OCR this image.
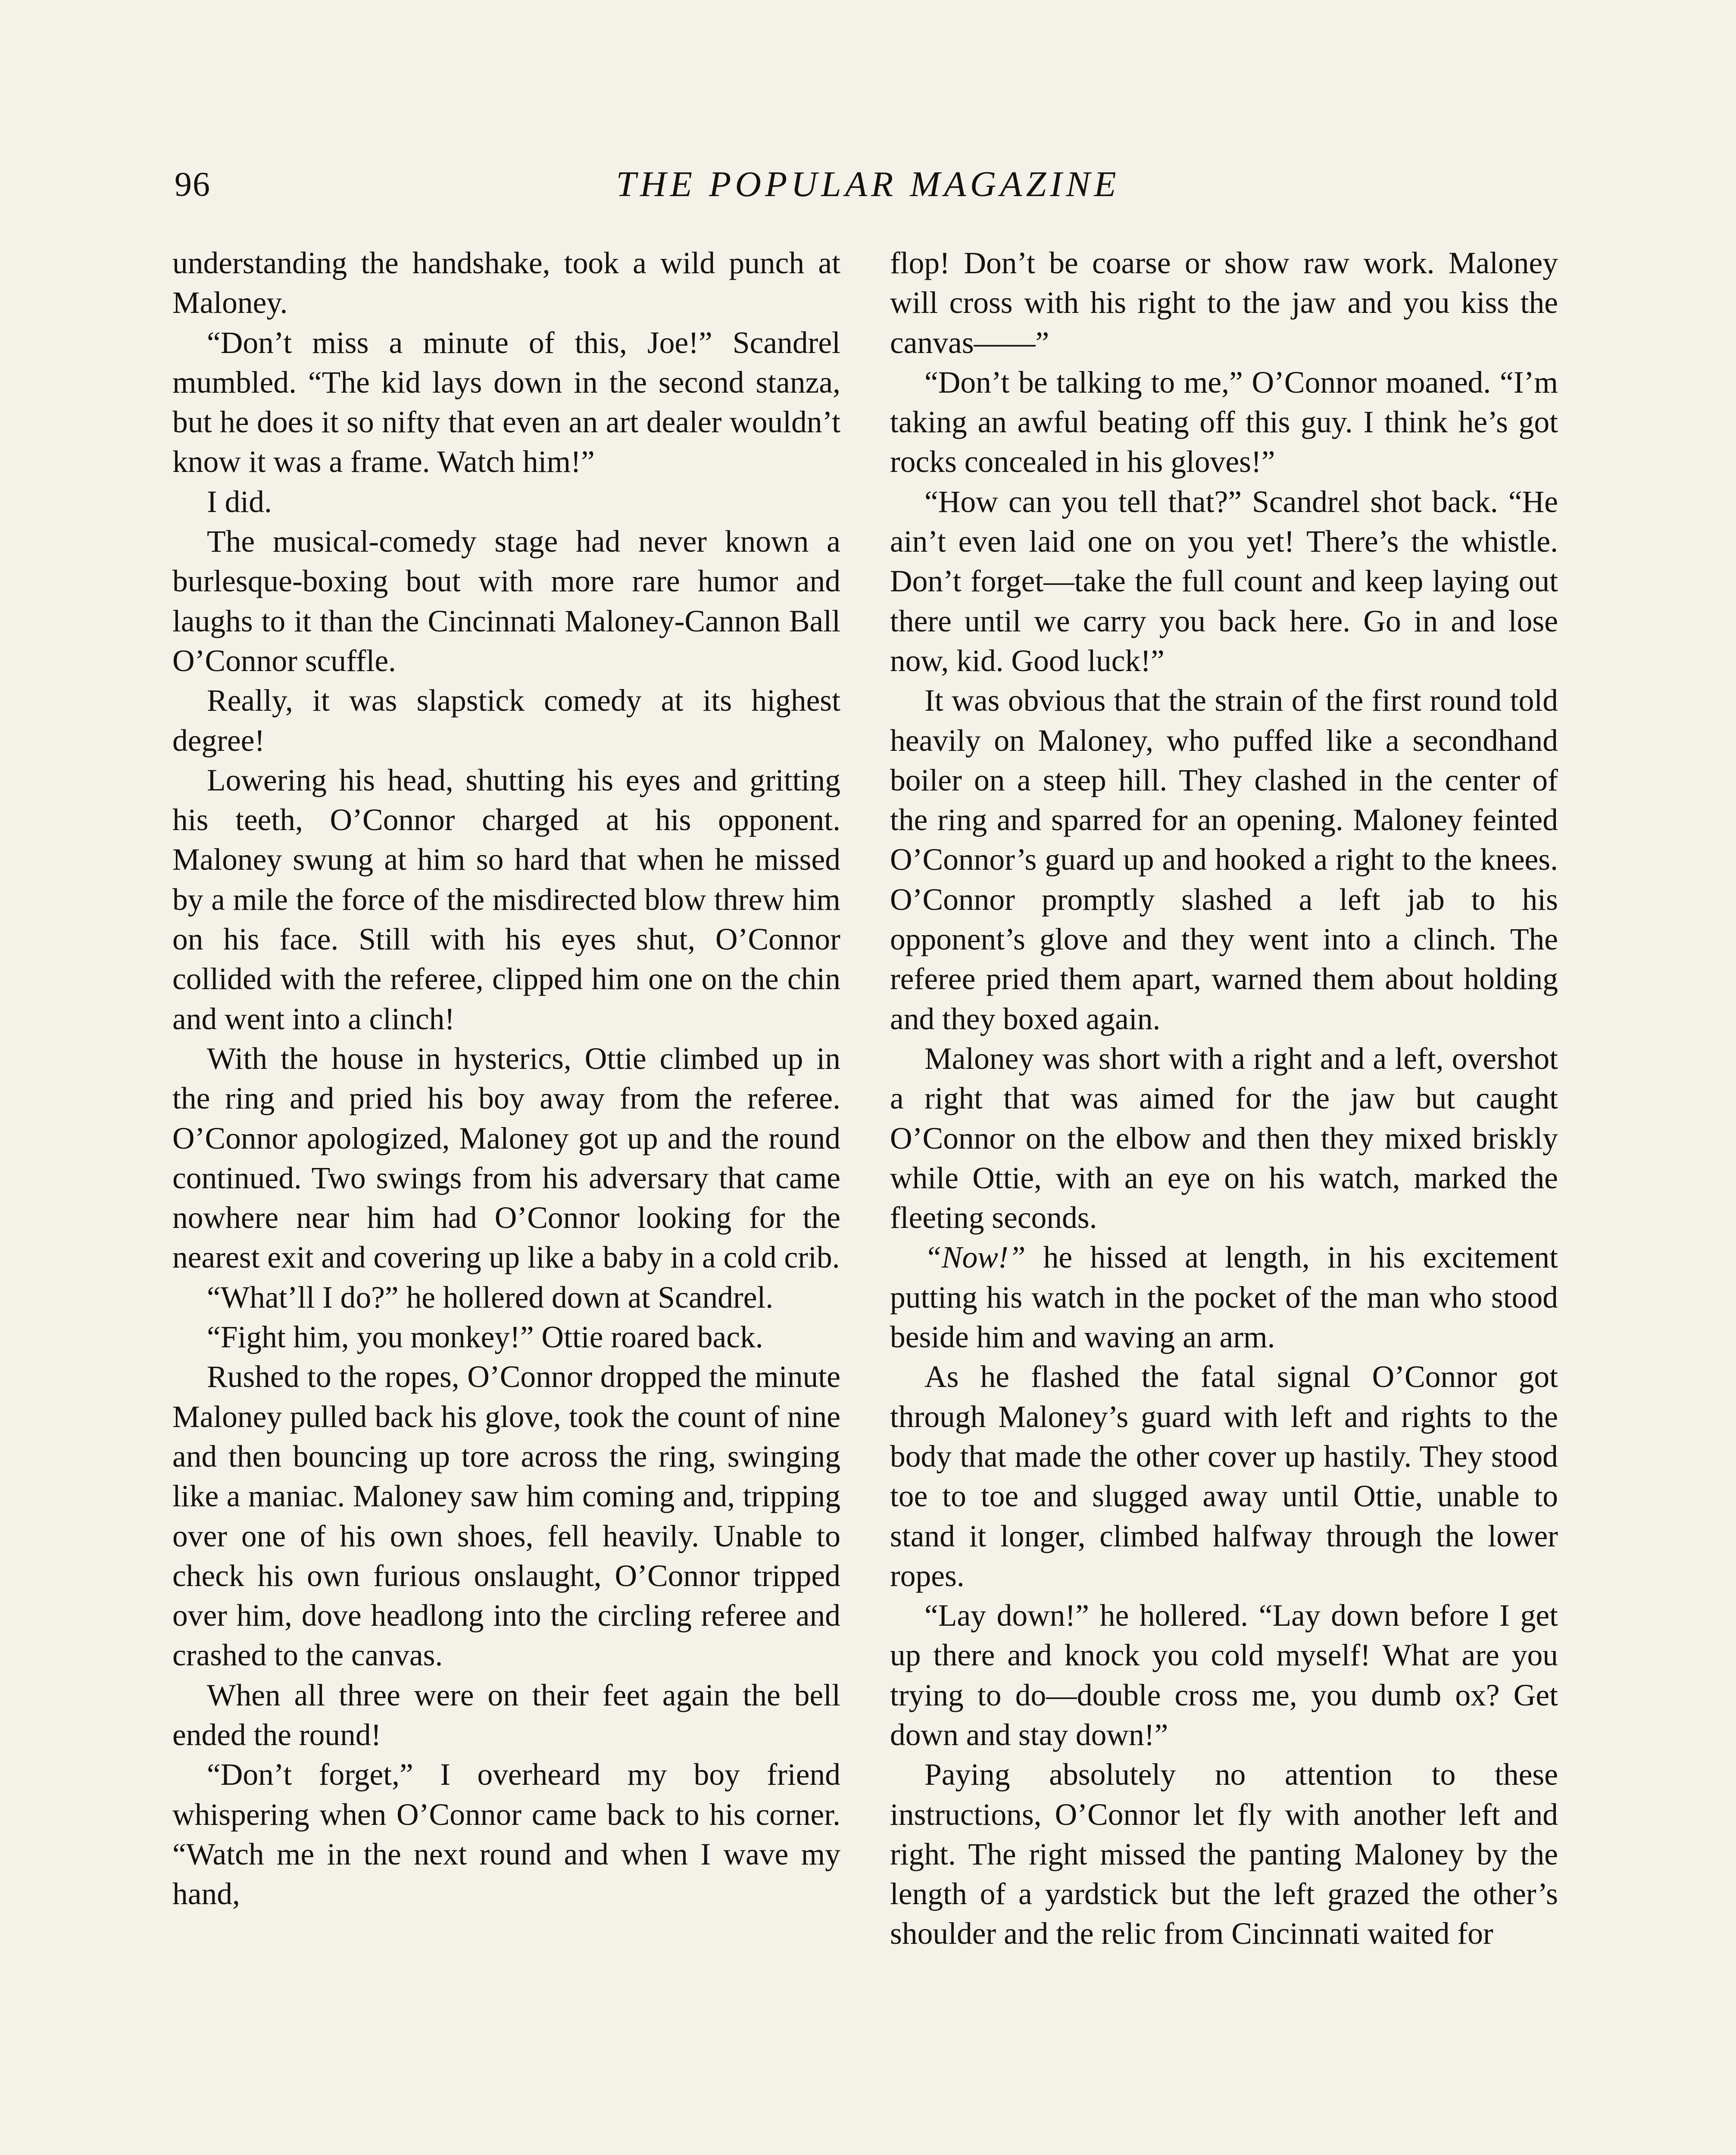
96	THE POPULAR MAGAZINE

understanding the handshake, took a wild punch at Maloney.

“Don’t miss a minute of this, Joe!” Scandrel mumbled. “The kid lays down in the second stanza, but he does it so nifty that even an art dealer wouldn’t know it was a frame. Watch him!”

I did.

The musical-comedy stage had never known a burlesque-boxing bout with more rare humor and laughs to it than the Cincinnati Maloney-Cannon Ball O’Connor scuffle.

Really, it was slapstick comedy at its highest degree!

Lowering his head, shutting his eyes and gritting his teeth, O’Connor charged at his opponent. Maloney swung at him so hard that when he missed by a mile the force of the misdirected blow threw him on his face. Still with his eyes shut, O’Connor collided with the referee, clipped him one on the chin and went into a clinch!

With the house in hysterics, Ottie climbed up in the ring and pried his boy away from the referee. O’Connor apologized, Maloney got up and the round continued. Two swings from his adversary that came nowhere near him had O’Connor looking for the nearest exit and covering up like a baby in a cold crib.

“What’ll I do?” he hollered down at Scandrel.

“Fight him, you monkey!” Ottie roared back.

Rushed to the ropes, O’Connor dropped the minute Maloney pulled back his glove, took the count of nine and then bouncing up tore across the ring, swinging like a maniac. Maloney saw him coming and, tripping over one of his own shoes, fell heavily. Unable to check his own furious onslaught, O’Connor tripped over him, dove headlong into the circling referee and crashed to the canvas.

When all three were on their feet again the bell ended the round!

“Don’t forget,” I overheard my boy friend whispering when O’Connor came back to his corner. “Watch me in the next round and when I wave my hand,

flop! Don’t be coarse or show raw work. Maloney will cross with his right to the jaw and you kiss the canvas——”

“Don’t be talking to me,” O’Connor moaned. “I’m taking an awful beating off this guy. I think he’s got rocks concealed in his gloves!”

“How can you tell that?” Scandrel shot back. “He ain’t even laid one on you yet! There’s the whistle. Don’t forget—take the full count and keep laying out there until we carry you back here. Go in and lose now, kid. Good luck!”

It was obvious that the strain of the first round told heavily on Maloney, who puffed like a secondhand boiler on a steep hill. They clashed in the center of the ring and sparred for an opening. Maloney feinted O’Connor’s guard up and hooked a right to the knees. O’Connor promptly slashed a left jab to his opponent’s glove and they went into a clinch. The referee pried them apart, warned them about holding and they boxed again.

Maloney was short with a right and a left, overshot a right that was aimed for the jaw but caught O’Connor on the elbow and then they mixed briskly while Ottie, with an eye on his watch, marked the fleeting seconds.

“Now!” he hissed at length, in his excitement putting his watch in the pocket of the man who stood beside him and waving an arm.

As he flashed the fatal signal O’Connor got through Maloney’s guard with left and rights to the body that made the other cover up hastily. They stood toe to toe and slugged away until Ottie, unable to stand it longer, climbed halfway through the lower ropes.

“Lay down!” he hollered. “Lay down before I get up there and knock you cold myself! What are you trying to do—double cross me, you dumb ox? Get down and stay down!”

Paying absolutely no attention to these instructions, O’Connor let fly with another left and right. The right missed the panting Maloney by the length of a yardstick but the left grazed the other’s shoulder and the relic from Cincinnati waited for
